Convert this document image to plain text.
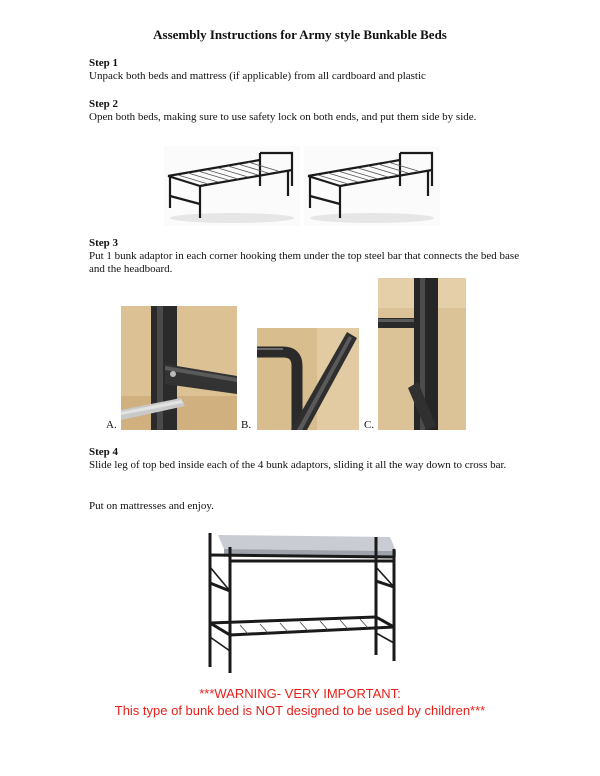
Assembly Instructions for Army style Bunkable Beds
Step 1
Unpack both beds and mattress (if applicable) from all cardboard and plastic
Step 2
Open both beds, making sure to use safety lock on both ends, and put them side by side.
Step 3
Put 1 bunk adaptor in each corner hooking them under the top steel bar that connects the bed base and the headboard.
A.	B.	C.
Step 4
Slide leg of top bed inside each of the 4 bunk adaptors, sliding it all the way down to cross bar.
Put on mattresses and enjoy.
***WARNING- VERY IMPORTANT:
This type of bunk bed is NOT designed to be used by children***
